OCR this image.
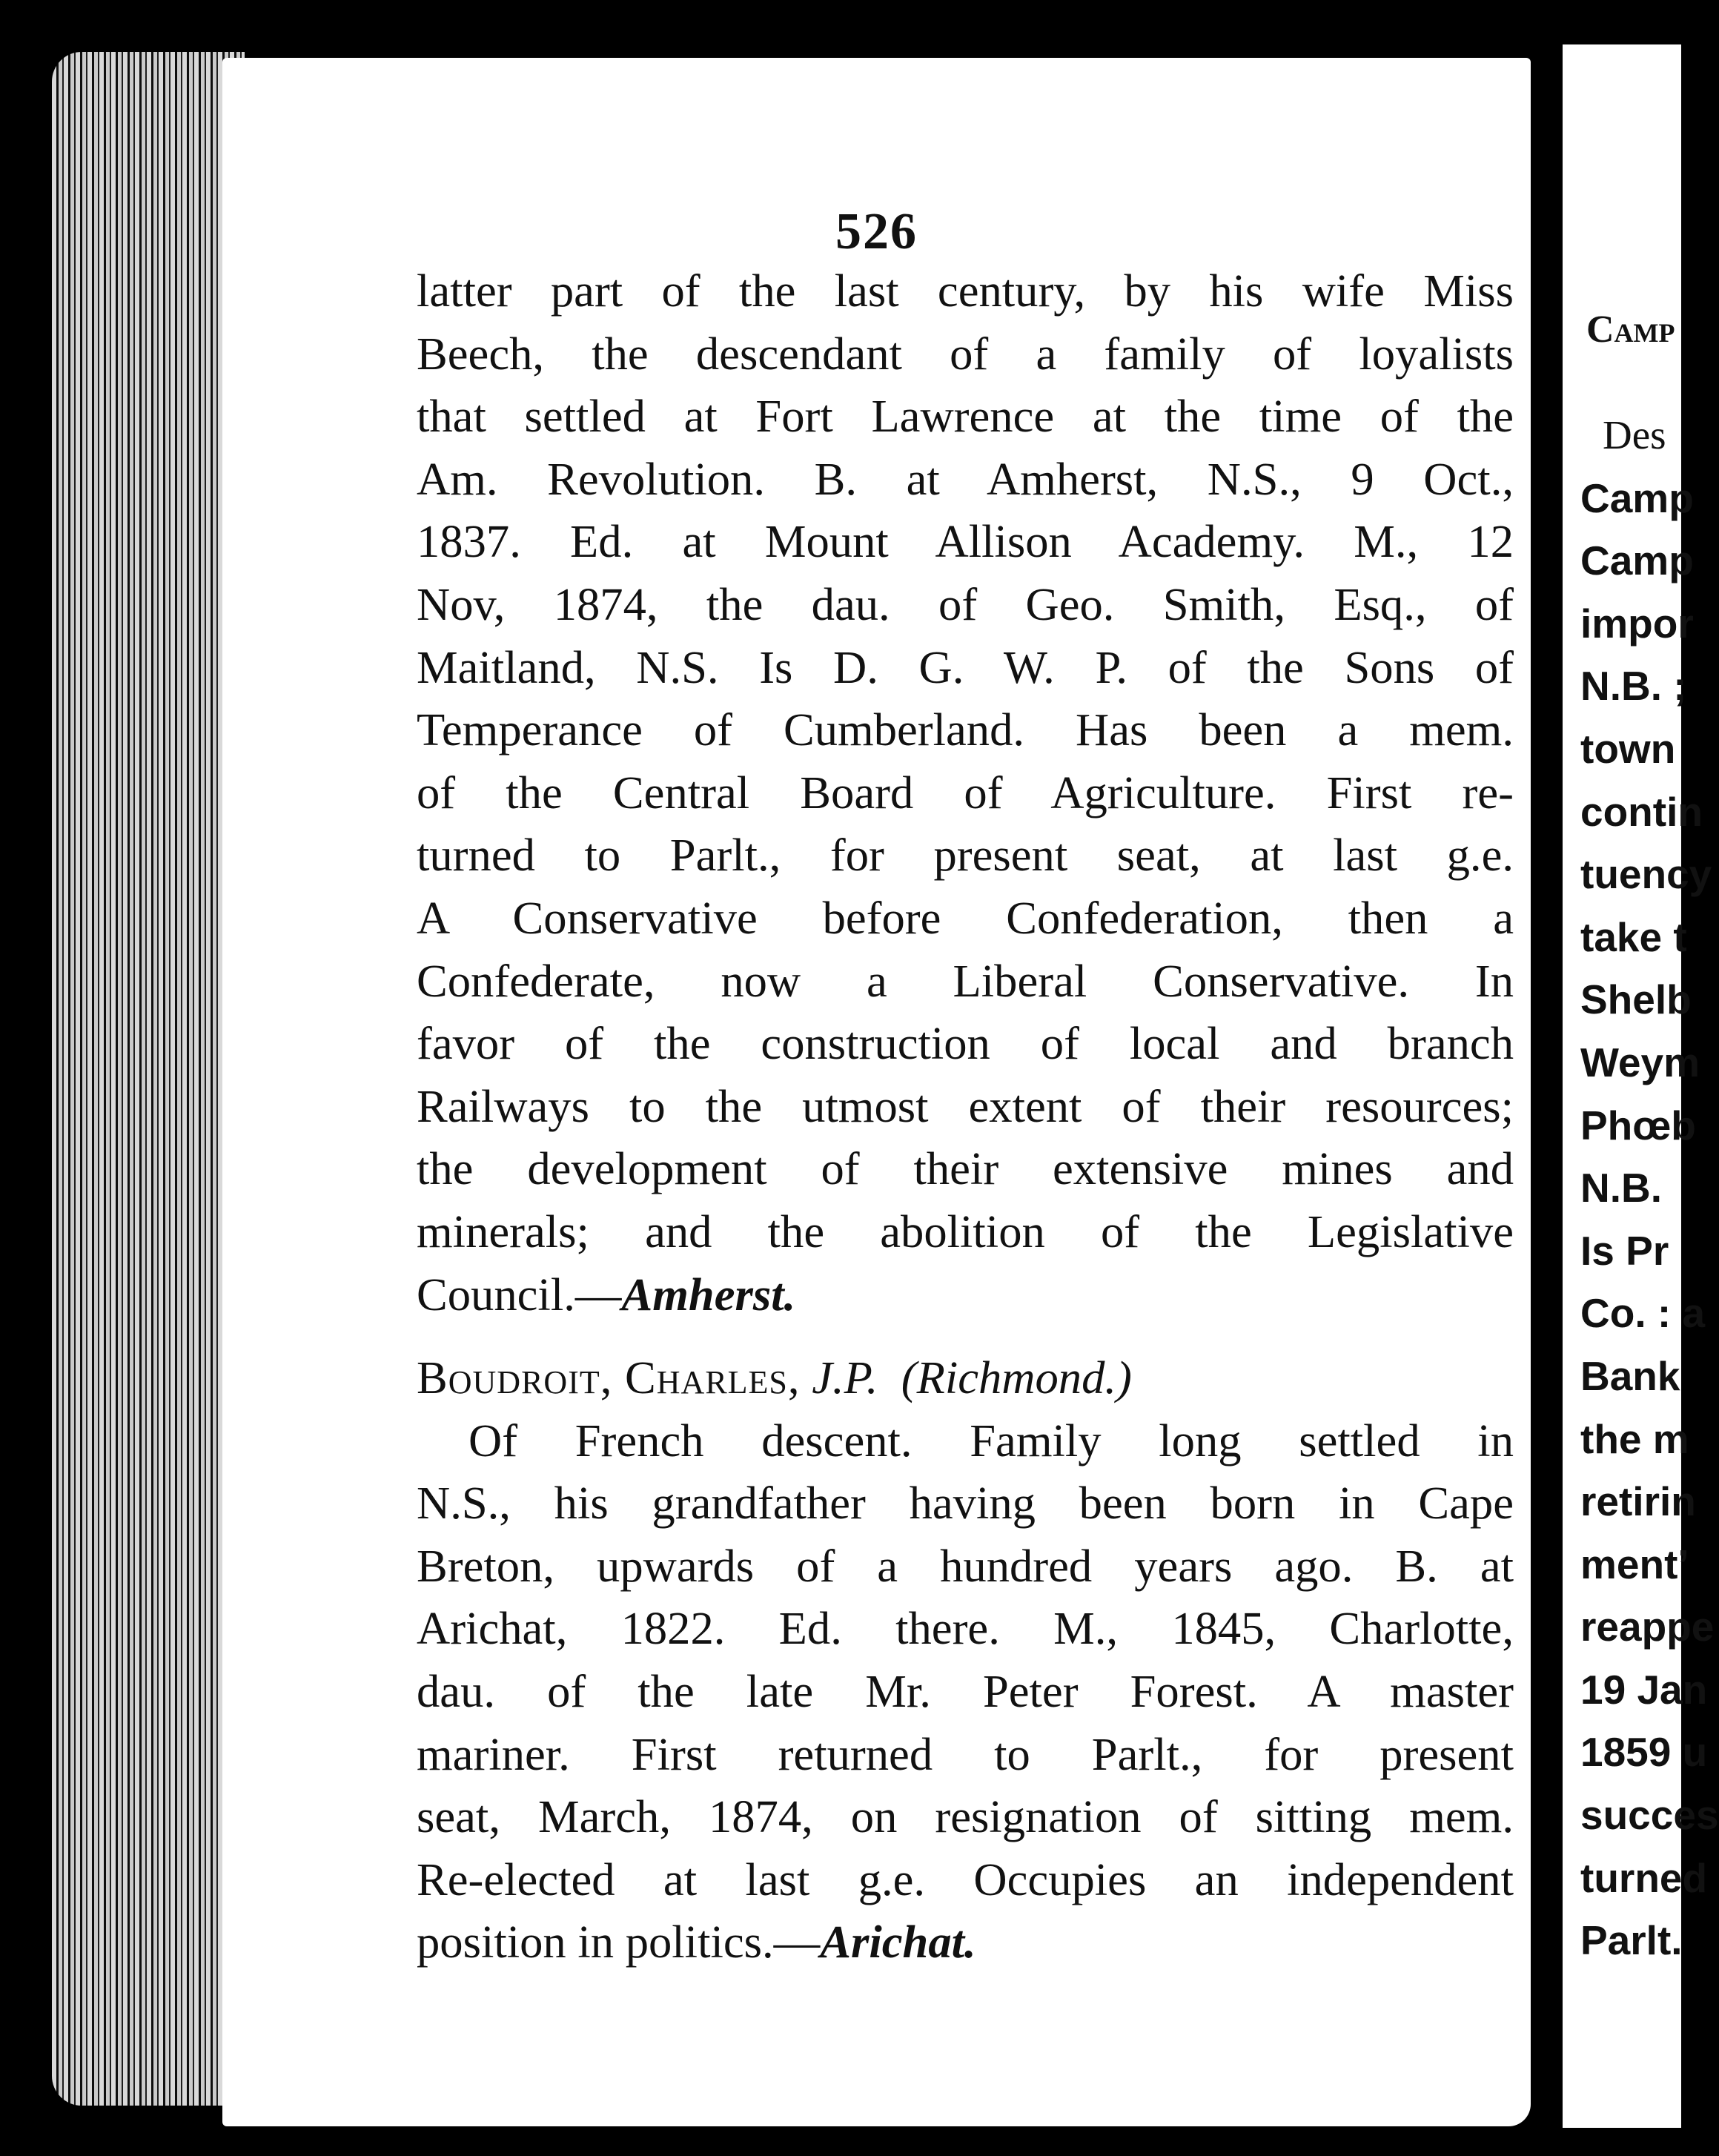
526
latter part of the last century, by his wife Miss
Beech, the descendant of a family of loyalists
that settled at Fort Lawrence at the time of the
Am. Revolution. B. at Amherst, N.S., 9 Oct.,
1837. Ed. at Mount Allison Academy. M., 12
Nov, 1874, the dau. of Geo. Smith, Esq., of
Maitland, N.S. Is D. G. W. P. of the Sons of
Temperance of Cumberland. Has been a mem.
of the Central Board of Agriculture. First re-
turned to Parlt., for present seat, at last g.e.
A Conservative before Confederation, then a
Confederate, now a Liberal Conservative. In
favor of the construction of local and branch
Railways to the utmost extent of their resources;
the development of their extensive mines and
minerals; and the abolition of the Legislative
Council.—Amherst.
Boudroit, Charles, J.P. (Richmond.)
Of French descent. Family long settled in
N.S., his grandfather having been born in Cape
Breton, upwards of a hundred years ago. B. at
Arichat, 1822. Ed. there. M., 1845, Charlotte,
dau. of the late Mr. Peter Forest. A master
mariner. First returned to Parlt., for present
seat, March, 1874, on resignation of sitting mem.
Re-elected at last g.e. Occupies an independent
position in politics.—Arichat.
Camp
Des
Camp
Camp
impor
N.B. ;
town
contin
tuency
take t
Shelb
Weym
Phœb
N.B.
Is Pr
Co. : a
Bank
the m
retirin
ment’
reappe
19 Jan
1859 u
succes
turned
Parlt.
